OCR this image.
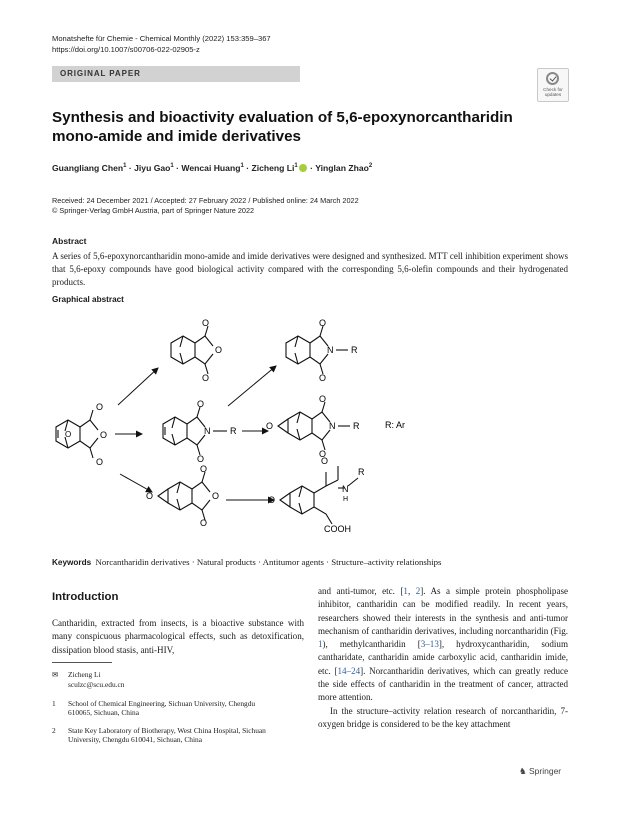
Monatshefte für Chemie - Chemical Monthly (2022) 153:359–367
https://doi.org/10.1007/s00706-022-02905-z
ORIGINAL PAPER
Check for updates
Synthesis and bioactivity evaluation of 5,6-epoxynorcantharidin mono-amide and imide derivatives
Guangliang Chen$^1$ · Jiyu Gao$^1$ · Wencai Huang$^1$ · Zicheng $Li^1$ · Yinglan Zhao$^2$
Received: 24 December 2021 / Accepted: 27 February 2022 / Published online: 24 March 2022
© Springer-Verlag GmbH Austria, part of Springer Nature 2022
Abstract
A series of 5,6-epoxynorcantharidin mono-amide and imide derivatives were designed and synthesized. MTT cell inhibition experiment shows that 5,6-epoxy compounds have good biological activity compared with the corresponding 5,6-olefin compounds and their hydrogenated products.
Graphical abstract
O
O
O
O
O
O
O
O
N R
O
O
N R
O
O
O
N R
O
R: Ar
O
O
O
O
O
O
N
H
R
COOH
Keywords Norcantharidin derivatives · Natural products · Antitumor agents · Structure–activity relationships
Introduction
Cantharidin, extracted from insects, is a bioactive substance with many conspicuous pharmacological effects, such as detoxification, dissipation blood stasis, anti-HIV,
✉ Zicheng Li
sculzc@scu.edu.cn
1 School of Chemical Engineering, Sichuan University, Chengdu 610065, Sichuan, China
2 State Key Laboratory of Biotherapy, West China Hospital, Sichuan University, Chengdu 610041, Sichuan, China

and anti-tumor, etc. [1, 2]. As a simple protein phospholipase inhibitor, cantharidin can be modified readily. In recent years, researchers showed their interests in the synthesis and anti-tumor mechanism of cantharidin derivatives, including norcantharidin (Fig. 1), methylcantharidin [3–13], hydroxycantharidin, sodium cantharidate, cantharidin amide carboxylic acid, cantharidin imide, etc. [14–24]. Norcantharidin derivatives, which can greatly reduce the side effects of cantharidin in the treatment of cancer, attracted more attention.

In the structure–activity relation research of norcantharidin, 7-oxygen bridge is considered to be the key attachment

♞ Springer
